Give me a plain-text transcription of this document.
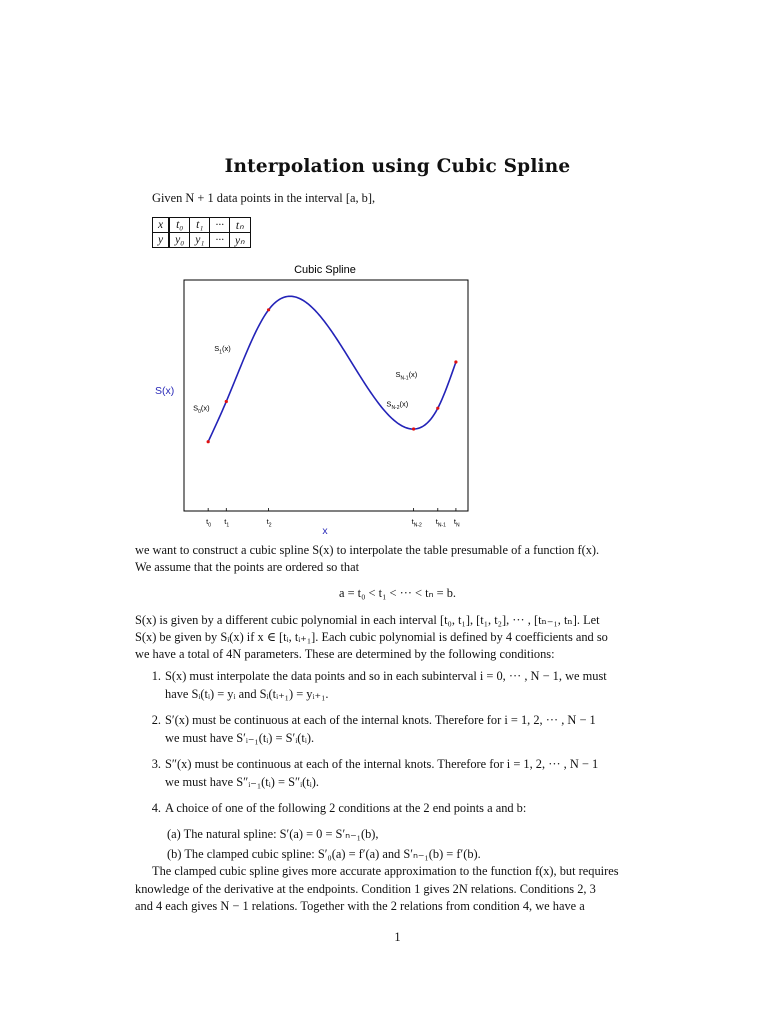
Interpolation using Cubic Spline
Given N + 1 data points in the interval [a, b],
x	t₀	t₁	···	tₙ
y	y₀	y₁	···	yₙ
Cubic Spline
S(x)
x
$t_0$ $t_1$	$t_2$	$t_{N-2}$ $t_{N-1}$ $t_N$
$S_0(x)$
$S_1(x)$
$S_{N-2}(x)$
$S_{N-1}(x)$
we want to construct a cubic spline S(x) to interpolate the table presumable of a function f(x).
We assume that the points are ordered so that
a = t₀ < t₁ < ··· < tₙ = b.
S(x) is given by a different cubic polynomial in each interval [t₀, t₁], [t₁, t₂], ··· , [tₙ₋₁, tₙ]. Let
S(x) be given by Sᵢ(x) if x ∈ [tᵢ, tᵢ₊₁]. Each cubic polynomial is defined by 4 coefficients and so
we have a total of 4N parameters. These are determined by the following conditions:
1. S(x) must interpolate the data points and so in each subinterval i = 0, ··· , N − 1, we must
have Sᵢ(tᵢ) = yᵢ and Sᵢ(tᵢ₊₁) = yᵢ₊₁.
2. S′(x) must be continuous at each of the internal knots. Therefore for i = 1, 2, ··· , N − 1
we must have S′ᵢ₋₁(tᵢ) = S′ᵢ(tᵢ).
3. S″(x) must be continuous at each of the internal knots. Therefore for i = 1, 2, ··· , N − 1
we must have S″ᵢ₋₁(tᵢ) = S″ᵢ(tᵢ).
4. A choice of one of the following 2 conditions at the 2 end points a and b:
(a) The natural spline: S′(a) = 0 = S′ₙ₋₁(b),
(b) The clamped cubic spline: S′₀(a) = f′(a) and S′ₙ₋₁(b) = f′(b).
The clamped cubic spline gives more accurate approximation to the function f(x), but requires
knowledge of the derivative at the endpoints. Condition 1 gives 2N relations. Conditions 2, 3
and 4 each gives N − 1 relations. Together with the 2 relations from condition 4, we have a
1
